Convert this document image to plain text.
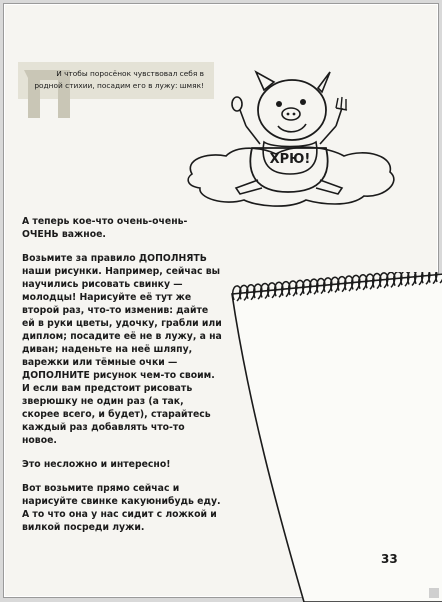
И чтобы поросёнок чувствовал себя в родной стихии, посадим его в лужу: шмяк!
ХРЮ!

А теперь кое-что очень-очень-ОЧЕНЬ важное.

Возьмите за правило ДОПОЛНЯТЬ наши рисунки. Например, сейчас вы научились рисовать свинку — молодцы! Нарисуйте её тут же второй раз, что-то изменив: дайте ей в руки цветы, удочку, грабли или диплом; посадите её не в лужу, а на диван; наденьте на неё шляпу, варежки или тёмные очки — ДОПОЛНИТЕ рисунок чем-то своим. И если вам предстоит рисовать зверюшку не один раз (а так, скорее всего, и будет), старайтесь каждый раз добавлять что-то новое.

Это несложно и интересно!

Вот возьмите прямо сейчас и нарисуйте свинке какуюнибудь еду. А то что она у нас сидит с ложкой и вилкой посреди лужи.

33
